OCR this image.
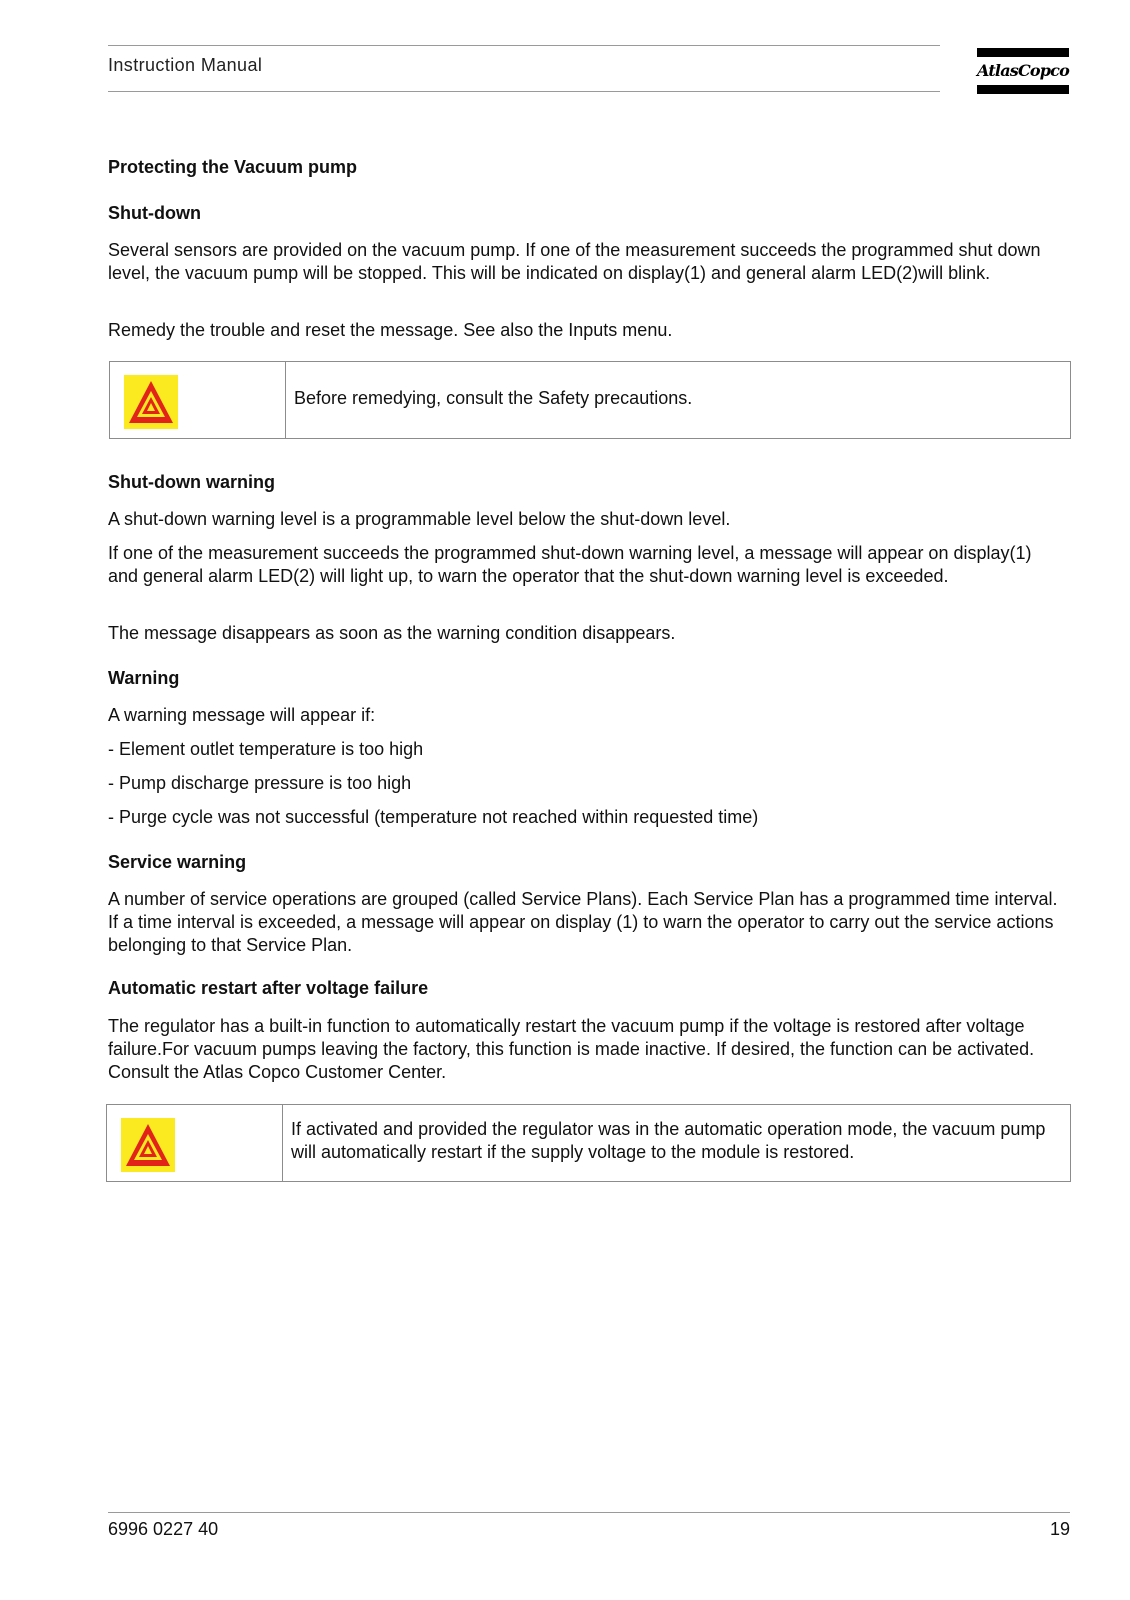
Instruction Manual	AtlasCopco
Protecting the Vacuum pump
Shut-down

Several sensors are provided on the vacuum pump. If one of the measurement succeeds the programmed shut down level, the vacuum pump will be stopped. This will be indicated on display(1) and general alarm LED(2)will blink.

Remedy the trouble and reset the message. See also the Inputs menu.

Before remedying, consult the Safety precautions.
Shut-down warning

A shut-down warning level is a programmable level below the shut-down level.

If one of the measurement succeeds the programmed shut-down warning level, a message will appear on display(1) and general alarm LED(2) will light up, to warn the operator that the shut-down warning level is exceeded.

The message disappears as soon as the warning condition disappears.

Warning

A warning message will appear if:

- Element outlet temperature is too high

- Pump discharge pressure is too high

- Purge cycle was not successful (temperature not reached within requested time)

Service warning

A number of service operations are grouped (called Service Plans). Each Service Plan has a programmed time interval. If a time interval is exceeded, a message will appear on display (1) to warn the operator to carry out the service actions belonging to that Service Plan.

Automatic restart after voltage failure

The regulator has a built-in function to automatically restart the vacuum pump if the voltage is restored after voltage failure.For vacuum pumps leaving the factory, this function is made inactive. If desired, the function can be activated. Consult the Atlas Copco Customer Center.

If activated and provided the regulator was in the automatic operation mode, the vacuum pump will automatically restart if the supply voltage to the module is restored.
6996 0227 40	19
